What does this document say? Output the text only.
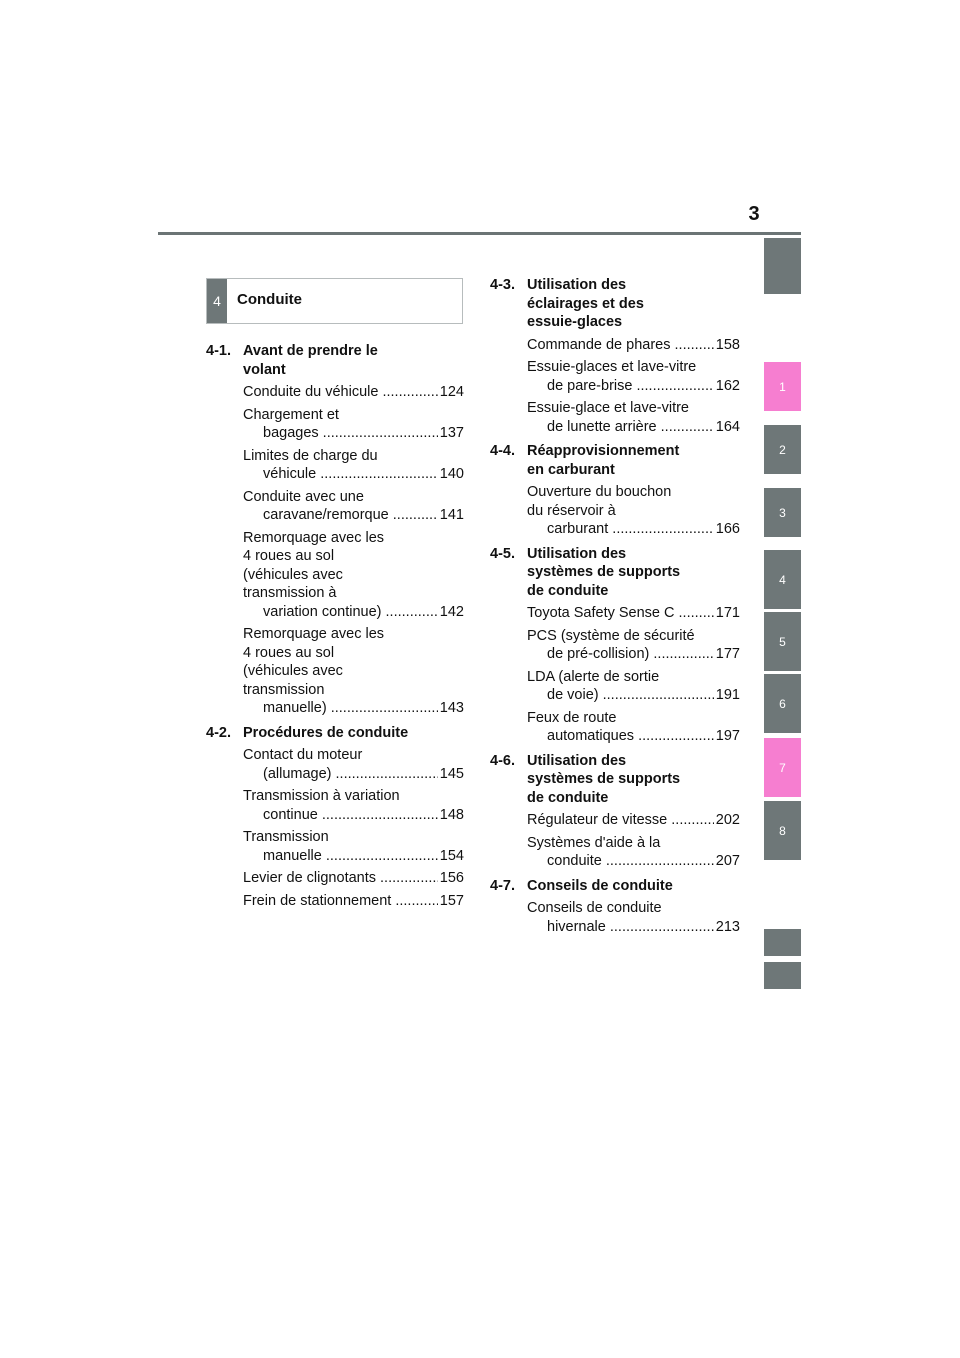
3
1
2
3
4
5
6
7
8
4	Conduite
4-1. Avant de prendre le
volant
Conduite du véhicule .....	124
Chargement et
bagages .....	137
Limites de charge du
véhicule .....	140
Conduite avec une
caravane/remorque .....	141
Remorquage avec les
4 roues au sol
(véhicules avec
transmission à
variation continue) .....	142
Remorquage avec les
4 roues au sol
(véhicules avec
transmission
manuelle) .....	143
4-2. Procédures de conduite
Contact du moteur
(allumage) .....	145
Transmission à variation
continue .....	148
Transmission
manuelle .....	154
Levier de clignotants .....	156
Frein de stationnement .....	157
4-3. Utilisation des
éclairages et des
essuie-glaces
Commande de phares .....	158
Essuie-glaces et lave-vitre
de pare-brise .....	162
Essuie-glace et lave-vitre
de lunette arrière .....	164
4-4. Réapprovisionnement
en carburant
Ouverture du bouchon
du réservoir à
carburant .....	166
4-5. Utilisation des
systèmes de supports
de conduite
Toyota Safety Sense C .....	171
PCS (système de sécurité
de pré-collision) .....	177
LDA (alerte de sortie
de voie) .....	191
Feux de route
automatiques .....	197
4-6. Utilisation des
systèmes de supports
de conduite
Régulateur de vitesse .....	202
Systèmes d'aide à la
conduite .....	207
4-7. Conseils de conduite
Conseils de conduite
hivernale .....	213
